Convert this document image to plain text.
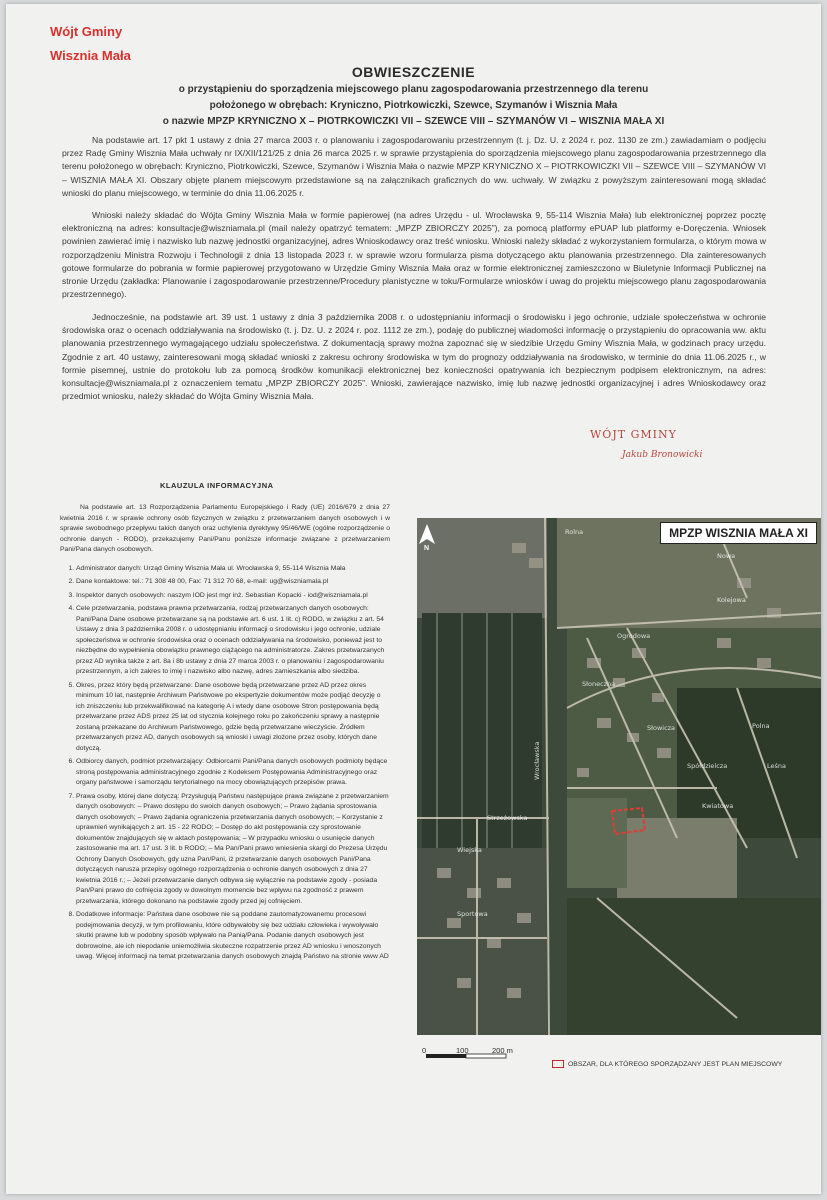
Wójt Gminy
Wisznia Mała
OBWIESZCZENIE
o przystąpieniu do sporządzenia miejscowego planu zagospodarowania przestrzennego dla terenu
położonego w obrębach: Kryniczno, Piotrkowiczki, Szewce, Szymanów i Wisznia Mała
o nazwie MPZP KRYNICZNO X – PIOTRKOWICZKI VII – SZEWCE VIII – SZYMANÓW VI – WISZNIA MAŁA XI
Na podstawie art. 17 pkt 1 ustawy z dnia 27 marca 2003 r. o planowaniu i zagospodarowaniu przestrzennym (t. j. Dz. U. z 2024 r. poz. 1130 ze zm.) zawiadamiam o podjęciu przez Radę Gminy Wisznia Mała uchwały nr IX/XII/121/25 z dnia 26 marca 2025 r. w sprawie przystąpienia do sporządzenia miejscowego planu zagospodarowania przestrzennego dla terenu położonego w obrębach: Kryniczno, Piotrkowiczki, Szewce, Szymanów i Wisznia Mała o nazwie MPZP KRYNICZNO X – PIOTRKOWICZKI VII – SZEWCE VIII – SZYMANÓW VI – WISZNIA MAŁA XI. Obszary objęte planem miejscowym przedstawione są na załącznikach graficznych do ww. uchwały. W związku z powyższym zainteresowani mogą składać wnioski do planu miejscowego, w terminie do dnia 11.06.2025 r.
Wnioski należy składać do Wójta Gminy Wisznia Mała w formie papierowej (na adres Urzędu - ul. Wrocławska 9, 55-114 Wisznia Mała) lub elektronicznej poprzez pocztę elektroniczną na adres: konsultacje@wiszniamala.pl (mail należy opatrzyć tematem: „MPZP ZBIORCZY 2025”), za pomocą platformy ePUAP lub platformy e-Doręczenia. Wniosek powinien zawierać imię i nazwisko lub nazwę jednostki organizacyjnej, adres Wnioskodawcy oraz treść wniosku. Wnioski należy składać z wykorzystaniem formularza, o którym mowa w rozporządzeniu Ministra Rozwoju i Technologii z dnia 13 listopada 2023 r. w sprawie wzoru formularza pisma dotyczącego aktu planowania przestrzennego. Dla zainteresowanych gotowe formularze do pobrania w formie papierowej przygotowano w Urzędzie Gminy Wisznia Mała oraz w formie elektronicznej zamieszczono w Biuletynie Informacji Publicznej na stronie Urzędu (zakładka: Planowanie i zagospodarowanie przestrzenne/Procedury planistyczne w toku/Formularze wniosków i uwag do projektu miejscowego planu zagospodarowania przestrzennego).
Jednocześnie, na podstawie art. 39 ust. 1 ustawy z dnia 3 października 2008 r. o udostępnianiu informacji o środowisku i jego ochronie, udziale społeczeństwa w ochronie środowiska oraz o ocenach oddziaływania na środowisko (t. j. Dz. U. z 2024 r. poz. 1112 ze zm.), podaję do publicznej wiadomości informację o przystąpieniu do opracowania ww. aktu planowania przestrzennego wymagającego udziału społeczeństwa. Z dokumentacją sprawy można zapoznać się w siedzibie Urzędu Gminy Wisznia Mała, w godzinach pracy urzędu. Zgodnie z art. 40 ustawy, zainteresowani mogą składać wnioski z zakresu ochrony środowiska w tym do prognozy oddziaływania na środowisko, w terminie do dnia 11.06.2025 r., w formie pisemnej, ustnie do protokołu lub za pomocą środków komunikacji elektronicznej bez konieczności opatrywania ich bezpiecznym podpisem elektronicznym, na adres: konsultacje@wiszniamala.pl z oznaczeniem tematu „MPZP ZBIORCZY 2025”. Wnioski, zawierające nazwisko, imię lub nazwę jednostki organizacyjnej i adres Wnioskodawcy oraz przedmiot wniosku, należy składać do Wójta Gminy Wisznia Mała.
WÓJT GMINY
Jakub Bronowicki
KLAUZULA INFORMACYJNA

Na podstawie art. 13 Rozporządzenia Parlamentu Europejskiego i Rady (UE) 2016/679 z dnia 27 kwietnia 2016 r. w sprawie ochrony osób fizycznych w związku z przetwarzaniem danych osobowych i w sprawie swobodnego przepływu takich danych oraz uchylenia dyrektywy 95/46/WE (ogólne rozporządzenie o ochronie danych - RODO), przekazujemy Pani/Panu poniższe informacje związane z przetwarzaniem Pani/Pana danych osobowych.

1. Administrator danych: Urząd Gminy Wisznia Mała ul. Wrocławska 9, 55-114 Wisznia Mała
2. Dane kontaktowe: tel.: 71 308 48 00, Fax: 71 312 70 68, e-mail: ug@wiszniamala.pl
3. Inspektor danych osobowych: naszym IOD jest mgr inż. Sebastian Kopacki - iod@wiszniamala.pl
4. Cele przetwarzania, podstawa prawna przetwarzania, rodzaj przetwarzanych danych osobowych: Pani/Pana Dane osobowe przetwarzane są na podstawie art. 6 ust. 1 lit. c) RODO, w związku z art. 54 Ustawy z dnia 3 października 2008 r. o udostępnianiu informacji o środowisku i jego ochronie, udziale społeczeństwa w ochronie środowiska oraz o ocenach oddziaływania na środowisko, ponieważ jest to niezbędne do wypełnienia obowiązku prawnego ciążącego na administratorze. Zakres przetwarzanych przez AD wynika także z art. 8a i 8b ustawy z dnia 27 marca 2003 r. o planowaniu i zagospodarowaniu przestrzennym, a ich zakres to imię i nazwisko albo nazwę, adres zamieszkania albo siedziba.
5. Okres, przez który będą przetwarzane: Dane osobowe będą przetwarzane przez AD przez okres minimum 10 lat, następnie Archiwum Państwowe po ekspertyzie dokumentów może podjąć decyzję o ich zniszczeniu lub przekwalifikować na kategorię A i wtedy dane osobowe Stron postępowania będą przetwarzane przez ADS przez 25 lat od stycznia kolejnego roku po zakończeniu sprawy a następnie zostaną przekazane do Archiwum Państwowego, gdzie będą przetwarzane wieczyście. Źródłem przetwarzanych przez AD, danych osobowych są wnioski i uwagi złożone przez osoby, których dane dotyczą.
6. Odbiorcy danych, podmiot przetwarzający: Odbiorcami Pani/Pana danych osobowych podmioty będące stroną postępowania administracyjnego zgodnie z Kodeksem Postępowania Administracyjnego oraz organy państwowe i samorządu terytorialnego na mocy obowiązujących przepisów prawa.
7. Prawa osoby, której dane dotyczą: Przysługują Państwu następujące prawa związane z przetwarzaniem danych osobowych: – Prawo dostępu do swoich danych osobowych; – Prawo żądania sprostowania danych osobowych; – Prawo żądania ograniczenia przetwarzania danych osobowych; – Korzystanie z uprawnień wynikających z art. 15 - 22 RODO; – Dostęp do akt postępowania czy sprostowanie dokumentów znajdujących się w aktach postępowania; – W przypadku wniosku o usunięcie danych zastosowanie ma art. 17 ust. 3 lit. b RODO; – Ma Pan/Pani prawo wniesienia skargi do Prezesa Urzędu Ochrony Danych Osobowych, gdy uzna Pan/Pani, iż przetwarzanie danych osobowych Pani/Pana dotyczących narusza przepisy ogólnego rozporządzenia o ochronie danych osobowych z dnia 27 kwietnia 2016 r.; – Jeżeli przetwarzanie danych odbywa się wyłącznie na podstawie zgody - posiada Pan/Pani prawo do cofnięcia zgody w dowolnym momencie bez wpływu na zgodność z prawem przetwarzania, którego dokonano na podstawie zgody przed jej cofnięciem.
8. Dodatkowe informacje: Państwa dane osobowe nie są poddane zautomatyzowanemu procesowi podejmowania decyzji, w tym profilowaniu, które odbywałoby się bez udziału człowieka i wywoływało skutki prawne lub w podobny sposób wpływało na Panią/Pana. Podanie danych osobowych jest dobrowolne, ale ich niepodanie uniemożliwia skuteczne rozpatrzenie przez AD wniosku i wnoszonych uwag. Więcej informacji na temat przetwarzania danych osobowych znajdą Państwo na stronie www AD
Rolna
Kolejowa
Wrocławska
Strzeżowska
Słoneczna
Słowicza
Spółdzielcza
Polna
Leśna
Wiejska
Sportowa
Nowa
Kwiatowa
Ogrodowa
MPZP WISZNIA MAŁA XI
N
0	100	200 m
OBSZAR, DLA KTÓREGO SPORZĄDZANY JEST PLAN MIEJSCOWY
